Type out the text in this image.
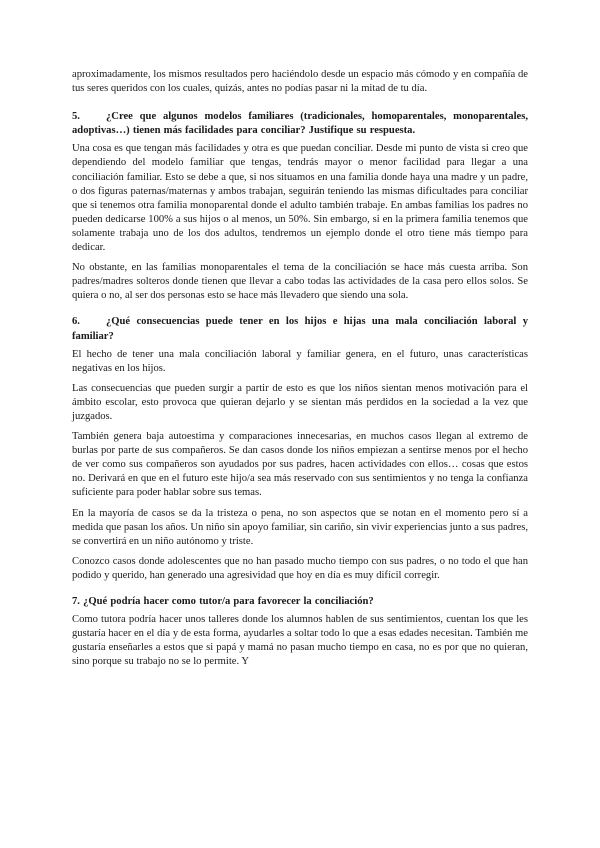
aproximadamente, los mismos resultados pero haciéndolo desde un espacio más cómodo y en compañía de tus seres queridos con los cuales, quizás, antes no podías pasar ni la mitad de tu día.

5. ¿Cree que algunos modelos familiares (tradicionales, homoparentales, monoparentales, adoptivas…) tienen más facilidades para conciliar? Justifique su respuesta.

Una cosa es que tengan más facilidades y otra es que puedan conciliar. Desde mi punto de vista si creo que dependiendo del modelo familiar que tengas, tendrás mayor o menor facilidad para llegar a una conciliación familiar. Esto se debe a que, si nos situamos en una familia donde haya una madre y un padre, o dos figuras paternas/maternas y ambos trabajan, seguirán teniendo las mismas dificultades para conciliar que si tenemos otra familia monoparental donde el adulto también trabaje. En ambas familias los padres no pueden dedicarse 100% a sus hijos o al menos, un 50%. Sin embargo, si en la primera familia tenemos que solamente trabaja uno de los dos adultos, tendremos un ejemplo donde el otro tiene más tiempo para dedicar.

No obstante, en las familias monoparentales el tema de la conciliación se hace más cuesta arriba. Son padres/madres solteros donde tienen que llevar a cabo todas las actividades de la casa pero ellos solos. Se quiera o no, al ser dos personas esto se hace más llevadero que siendo una sola.

6. ¿Qué consecuencias puede tener en los hijos e hijas una mala conciliación laboral y familiar?

El hecho de tener una mala conciliación laboral y familiar genera, en el futuro, unas características negativas en los hijos.

Las consecuencias que pueden surgir a partir de esto es que los niños sientan menos motivación para el ámbito escolar, esto provoca que quieran dejarlo y se sientan más perdidos en la sociedad a la vez que juzgados.

También genera baja autoestima y comparaciones innecesarias, en muchos casos llegan al extremo de burlas por parte de sus compañeros. Se dan casos donde los niños empiezan a sentirse menos por el hecho de ver como sus compañeros son ayudados por sus padres, hacen actividades con ellos… cosas que estos no. Derivará en que en el futuro este hijo/a sea más reservado con sus sentimientos y no tenga la confianza suficiente para poder hablar sobre sus temas.

En la mayoría de casos se da la tristeza o pena, no son aspectos que se notan en el momento pero sí a medida que pasan los años. Un niño sin apoyo familiar, sin cariño, sin vivir experiencias junto a sus padres, se convertirá en un niño autónomo y triste.

Conozco casos donde adolescentes que no han pasado mucho tiempo con sus padres, o no todo el que han podido y querido, han generado una agresividad que hoy en día es muy difícil corregir.

7. ¿Qué podría hacer como tutor/a para favorecer la conciliación?

Como tutora podría hacer unos talleres donde los alumnos hablen de sus sentimientos, cuentan los que les gustaría hacer en el día y de esta forma, ayudarles a soltar todo lo que a esas edades necesitan. También me gustaría enseñarles a estos que si papá y mamá no pasan mucho tiempo en casa, no es por que no quieran, sino porque su trabajo no se lo permite. Y
